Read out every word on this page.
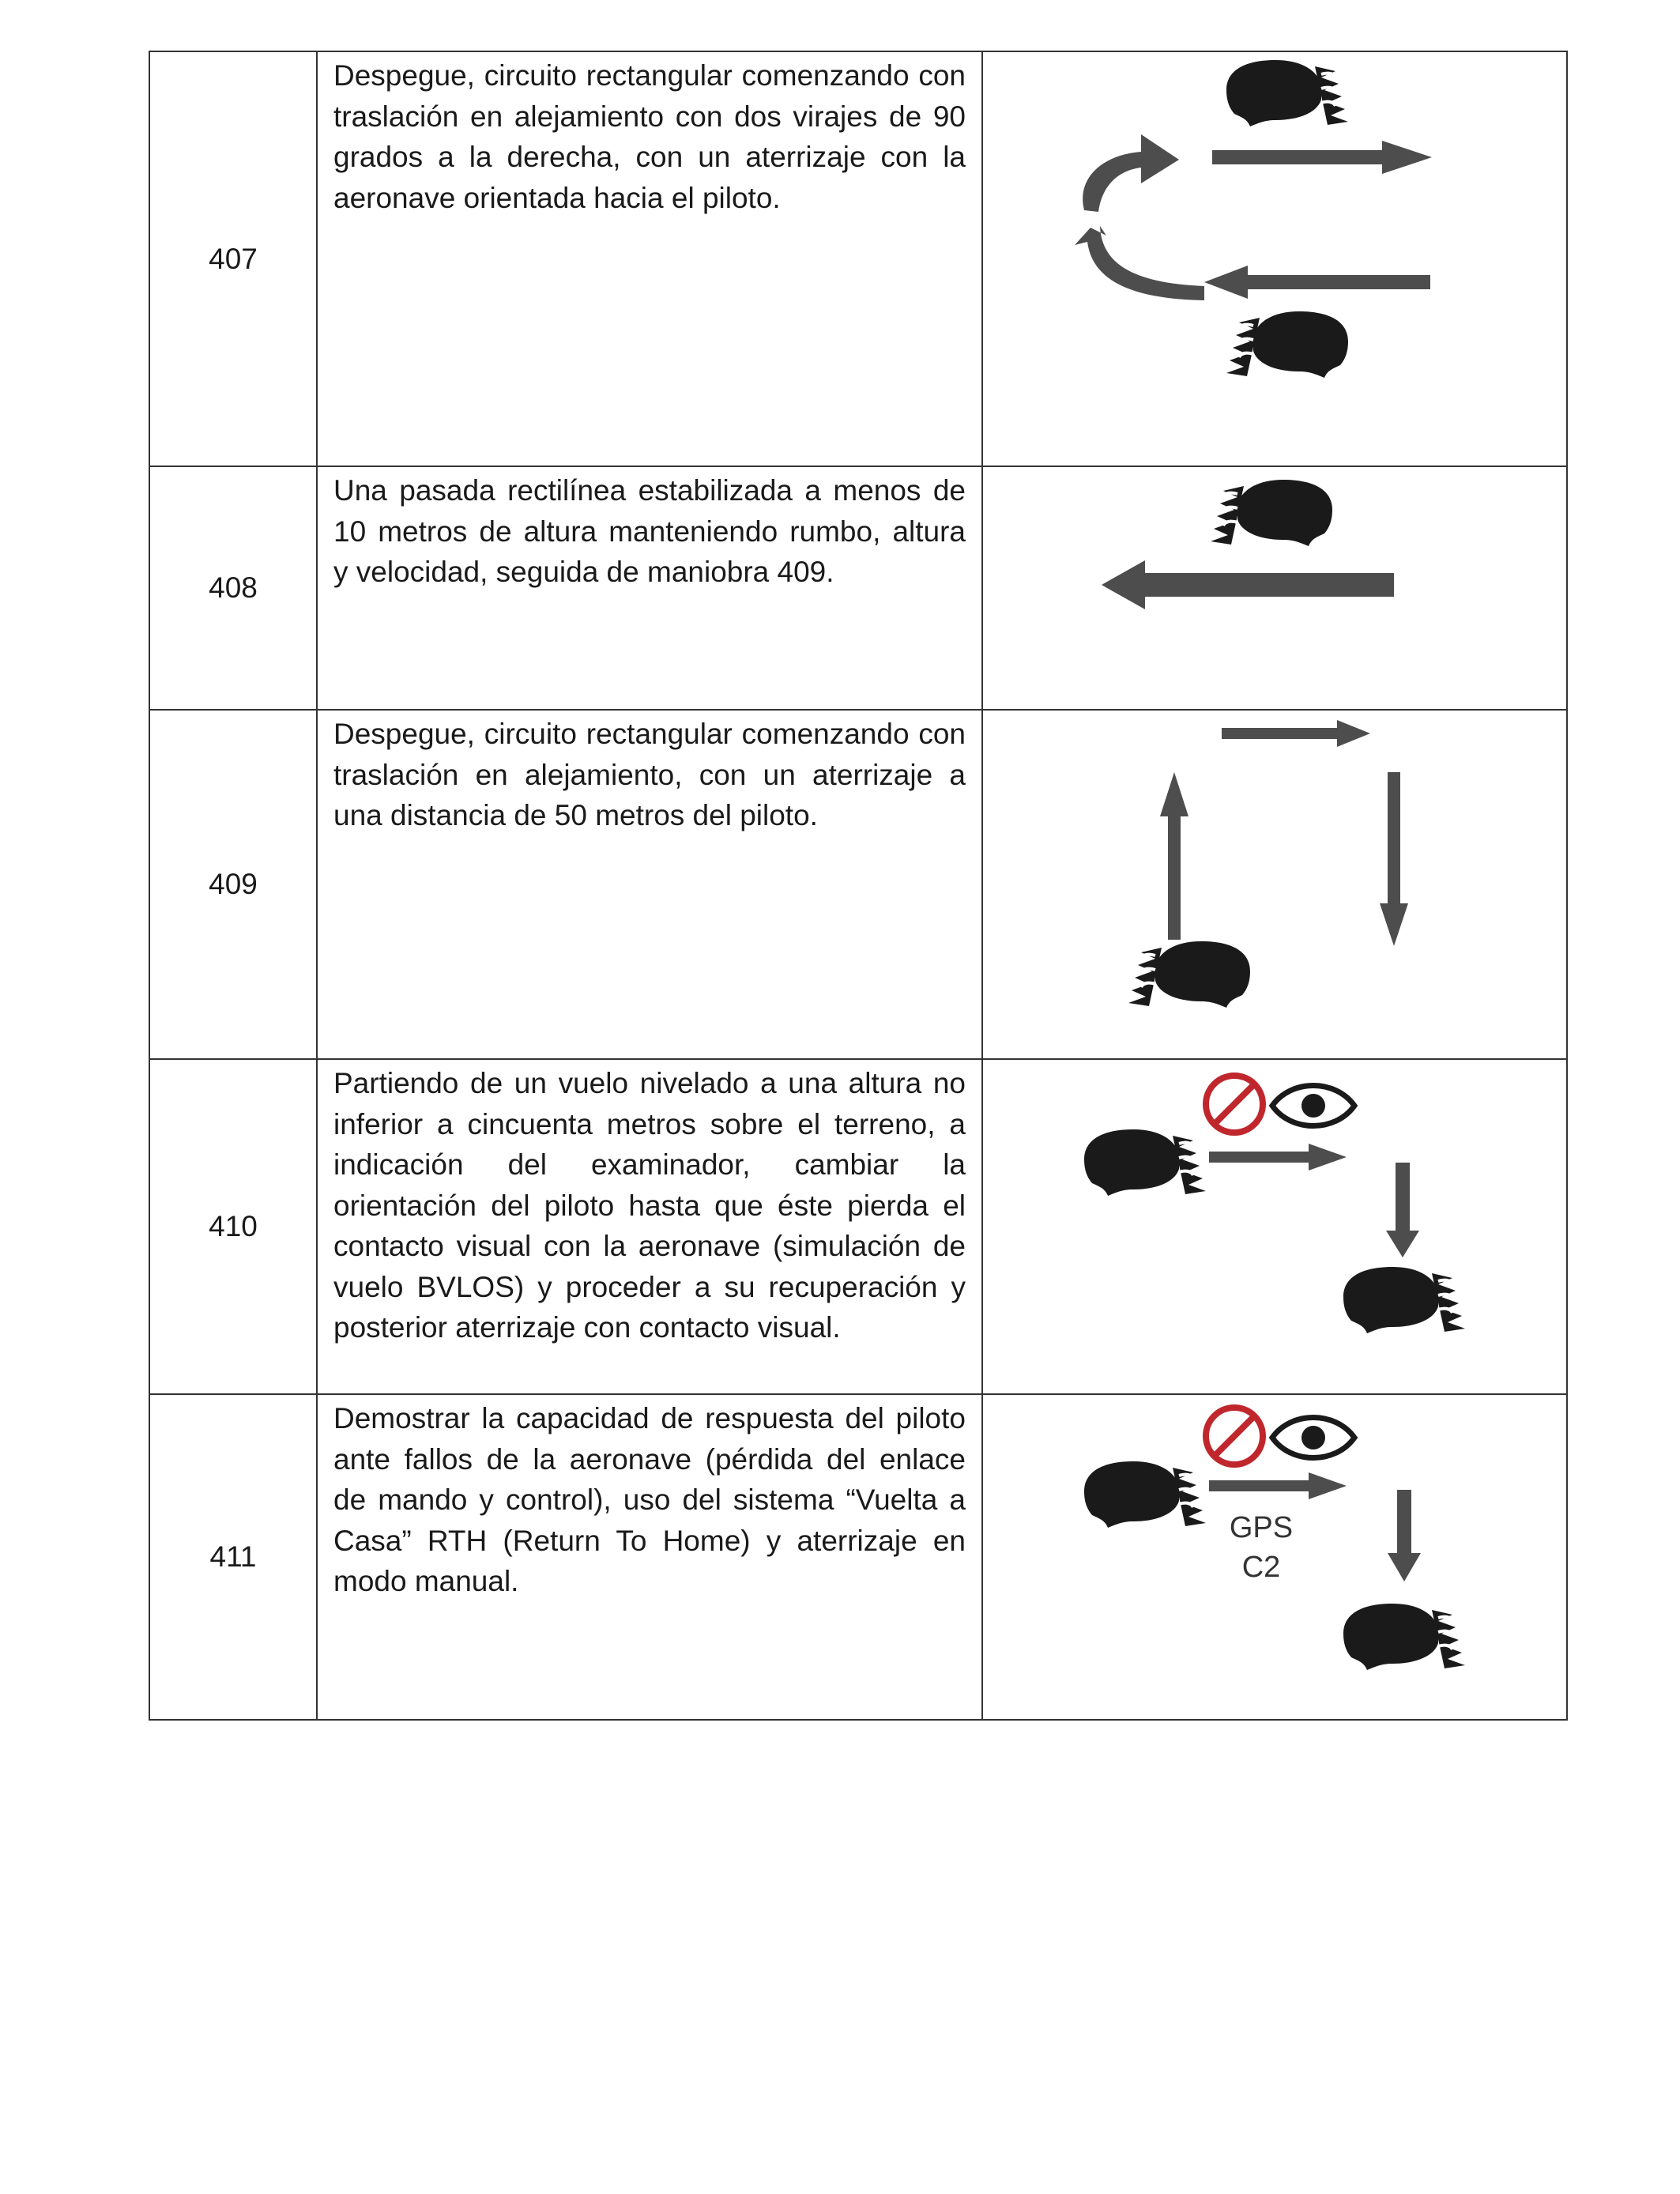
407	Despegue, circuito rectangular comenzando con traslación en alejamiento con dos virajes de 90 grados a la derecha, con un aterrizaje con la aeronave orientada hacia el piloto.	

408	Una pasada rectilínea estabilizada a menos de 10 metros de altura manteniendo rumbo, altura y velocidad, seguida de maniobra 409.	

409	Despegue, circuito rectangular comenzando con traslación en alejamiento, con un aterrizaje a una distancia de 50 metros del piloto.	

410	Partiendo de un vuelo nivelado a una altura no inferior a cincuenta metros sobre el terreno, a indicación del examinador, cambiar la orientación del piloto hasta que éste pierda el contacto visual con la aeronave (simulación de vuelo BVLOS) y proceder a su recuperación y posterior aterrizaje con contacto visual.	

411	Demostrar la capacidad de respuesta del piloto ante fallos de la aeronave (pérdida del enlace de mando y control), uso del sistema “Vuelta a Casa” RTH (Return To Home) y aterrizaje en modo manual.	GPS
C2
